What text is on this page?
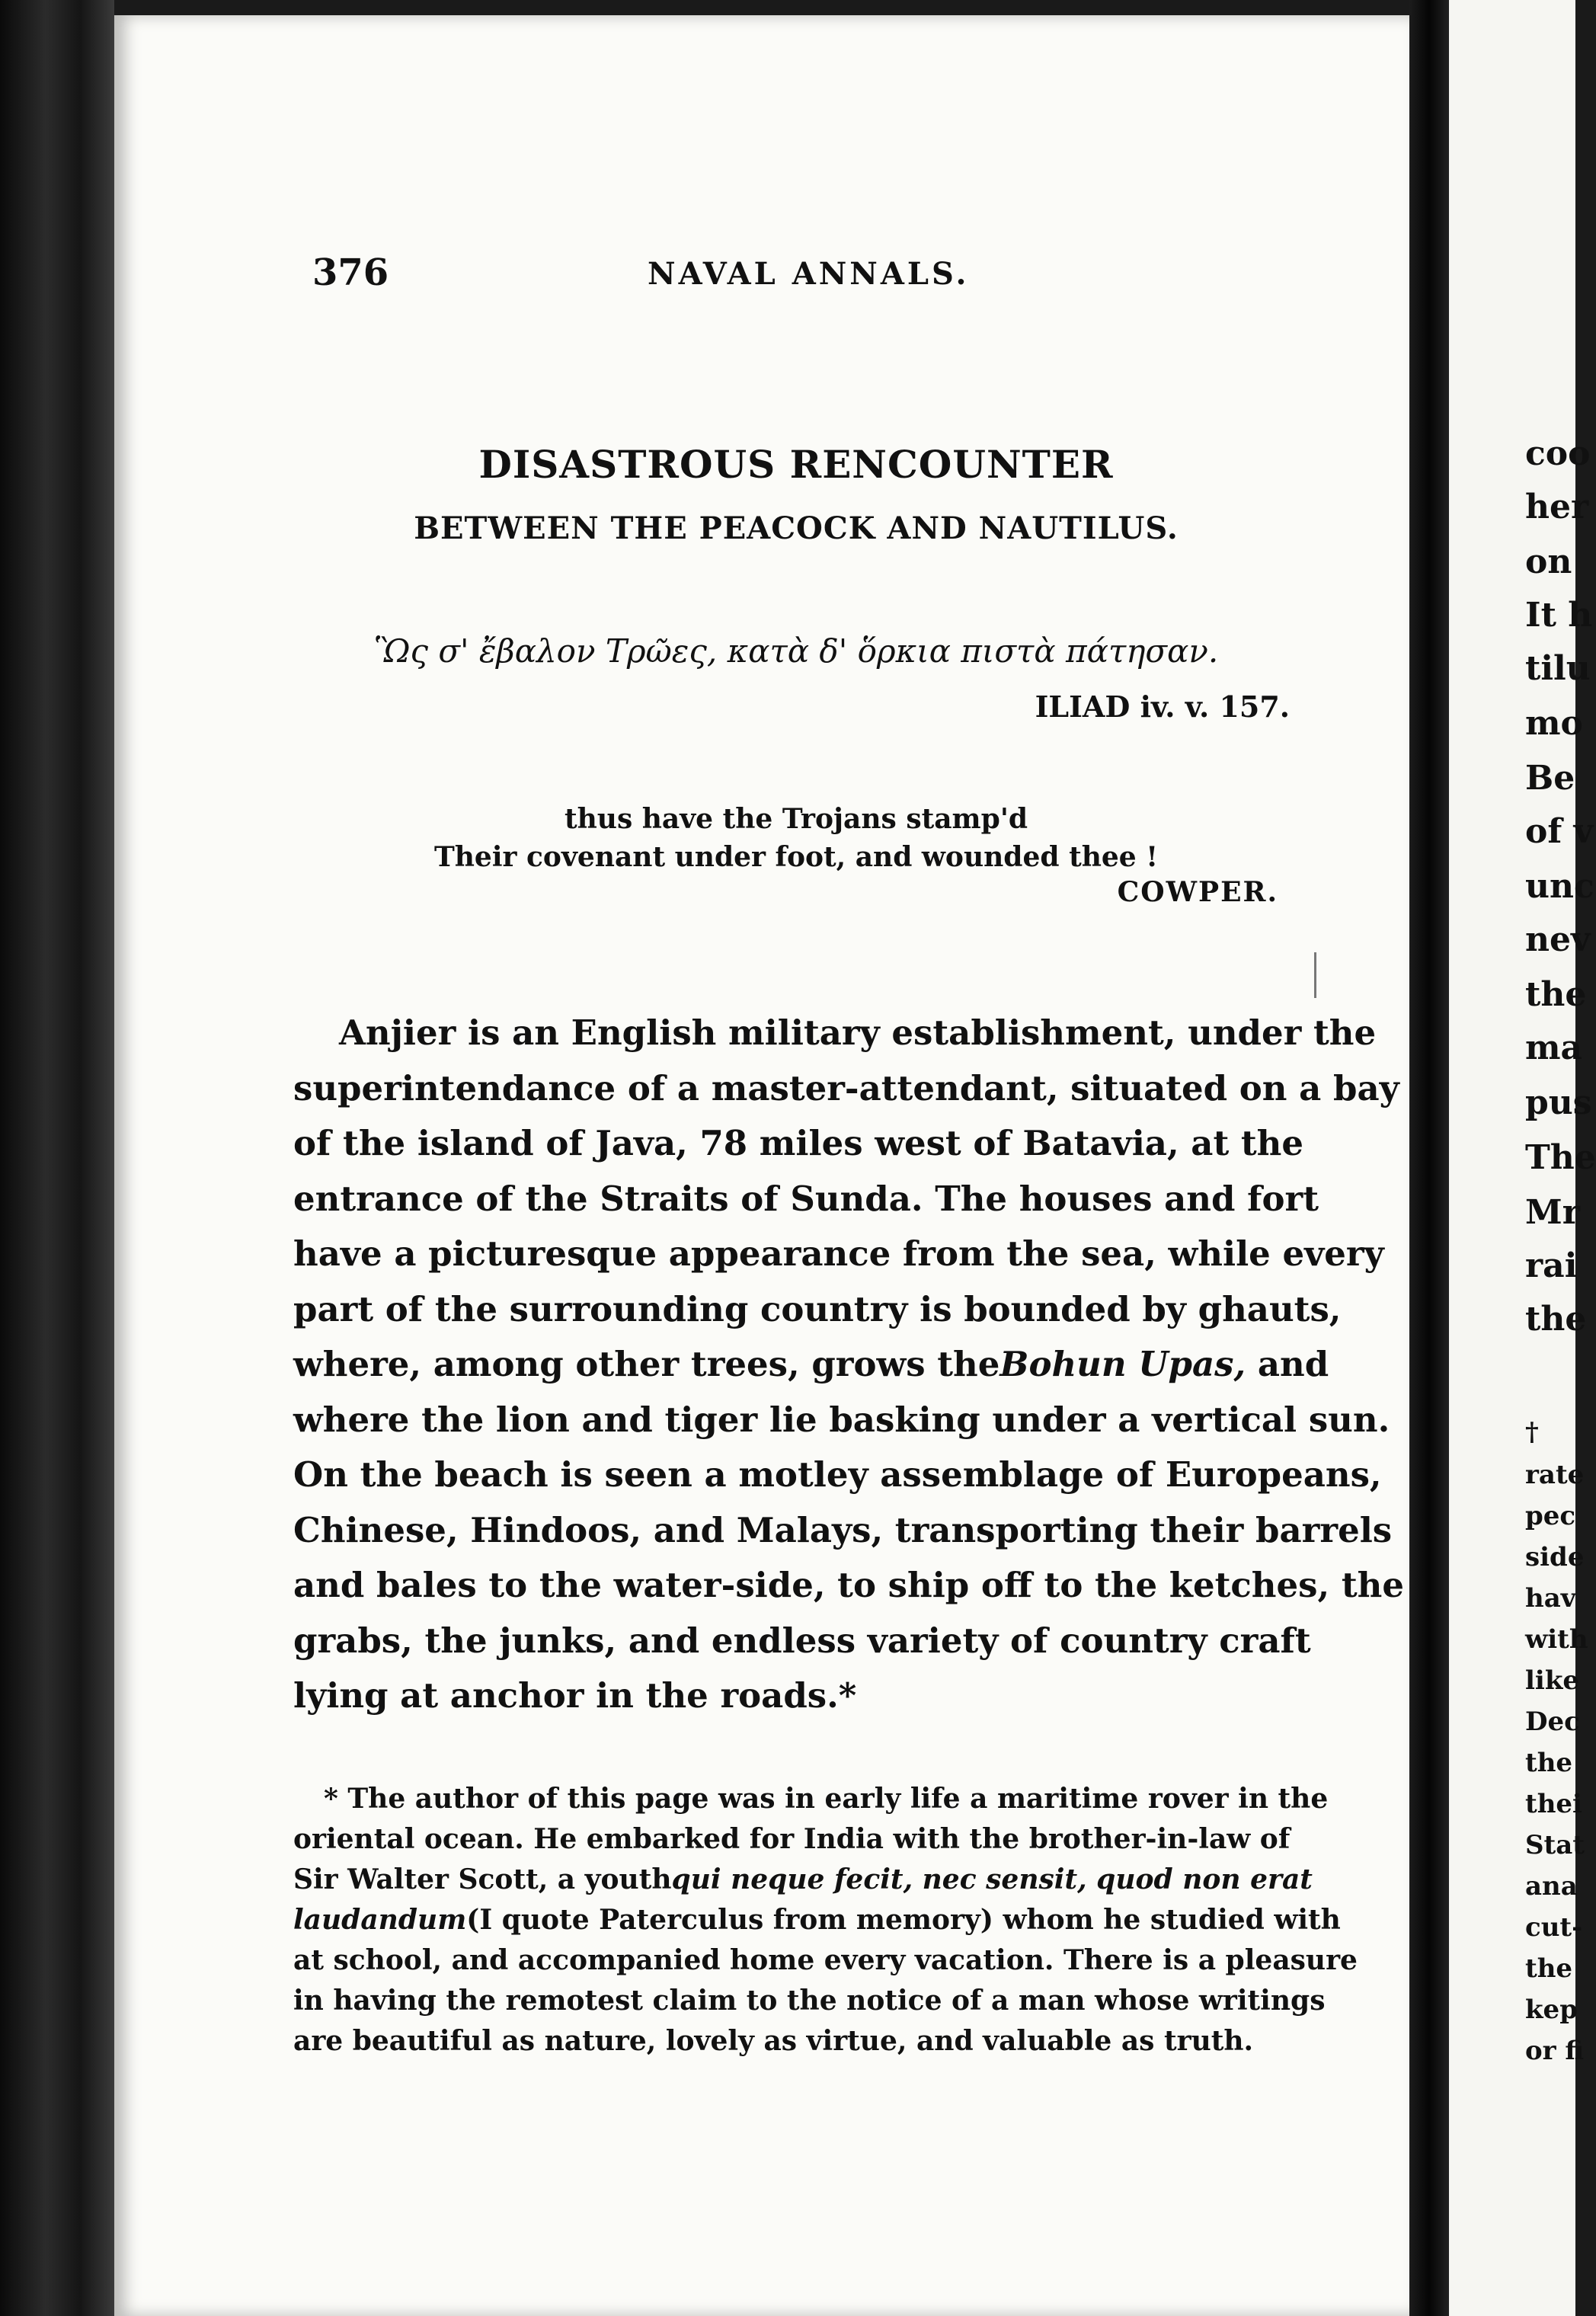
coo
her
on
It h
tilu
mo
Be
of v
unc
nev
the
ma
pus
The
Mr
rai
the
†
rate
pec
side
hav
with
like
Dec
the
thei
Stat
ana
cut-
the
kep
or fi
376	NAVAL ANNALS.
DISASTROUS RENCOUNTER
BETWEEN THE PEACOCK AND NAUTILUS.
Ὣς σ' ἔβαλον Τρῶες, κατὰ δ' ὅρκια πιστὰ πάτησαν.
ILIAD iv. v. 157.
thus have the Trojans stamp'd
Their covenant under foot, and wounded thee !
COWPER.
Anjier is an English military establishment, under the
superintendance of a master-attendant, situated on a bay
of the island of Java, 78 miles west of Batavia, at the
entrance of the Straits of Sunda. The houses and fort
have a picturesque appearance from the sea, while every
part of the surrounding country is bounded by ghauts,
where, among other trees, grows the Bohun Upas, and
where the lion and tiger lie basking under a vertical sun.
On the beach is seen a motley assemblage of Europeans,
Chinese, Hindoos, and Malays, transporting their barrels
and bales to the water-side, to ship off to the ketches, the
grabs, the junks, and endless variety of country craft
lying at anchor in the roads.*
* The author of this page was in early life a maritime rover in the
oriental ocean. He embarked for India with the brother-in-law of
Sir Walter Scott, a youth qui neque fecit, nec sensit, quod non erat
laudandum (I quote Paterculus from memory) whom he studied with
at school, and accompanied home every vacation. There is a pleasure
in having the remotest claim to the notice of a man whose writings
are beautiful as nature, lovely as virtue, and valuable as truth.
